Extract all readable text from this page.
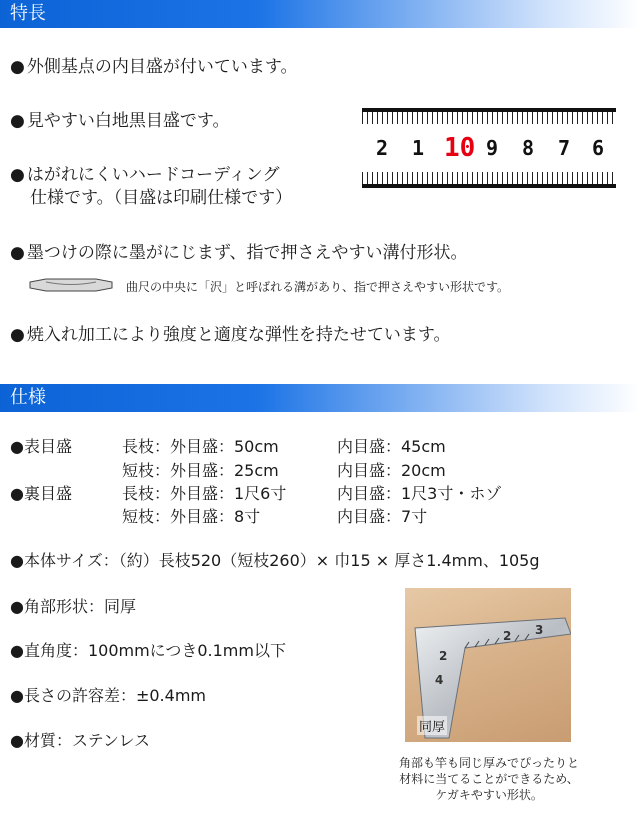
特長
● 外側基点の内目盛が付いています。
● 見やすい白地黒目盛です。
● はがれにくいハードコーディング
仕様です。（目盛は印刷仕様です）
2 1 10 9 8 7 6
● 墨つけの際に墨がにじまず、指で押さえやすい溝付形状。
曲尺の中央に「沢」と呼ばれる溝があり、指で押さえやすい形状です。
● 焼入れ加工により強度と適度な弾性を持たせています。
仕様
●表目盛	長枝：外目盛：50cm	内目盛：45cm
短枝：外目盛：25cm	内目盛：20cm
●裏目盛	長枝：外目盛：1尺6寸	内目盛：1尺3寸・ホゾ
短枝：外目盛：8寸	内目盛：7寸
●本体サイズ：（約）長枝520（短枝260）× 巾15 × 厚さ1.4mm、105g
●角部形状：同厚
●直角度：100mmにつき0.1mm以下
●長さの許容差：±0.4mm
●材質：ステンレス
2
4
2 3
同厚
角部も竿も同じ厚みでぴったりと
材料に当てることができるため、
ケガキやすい形状。
